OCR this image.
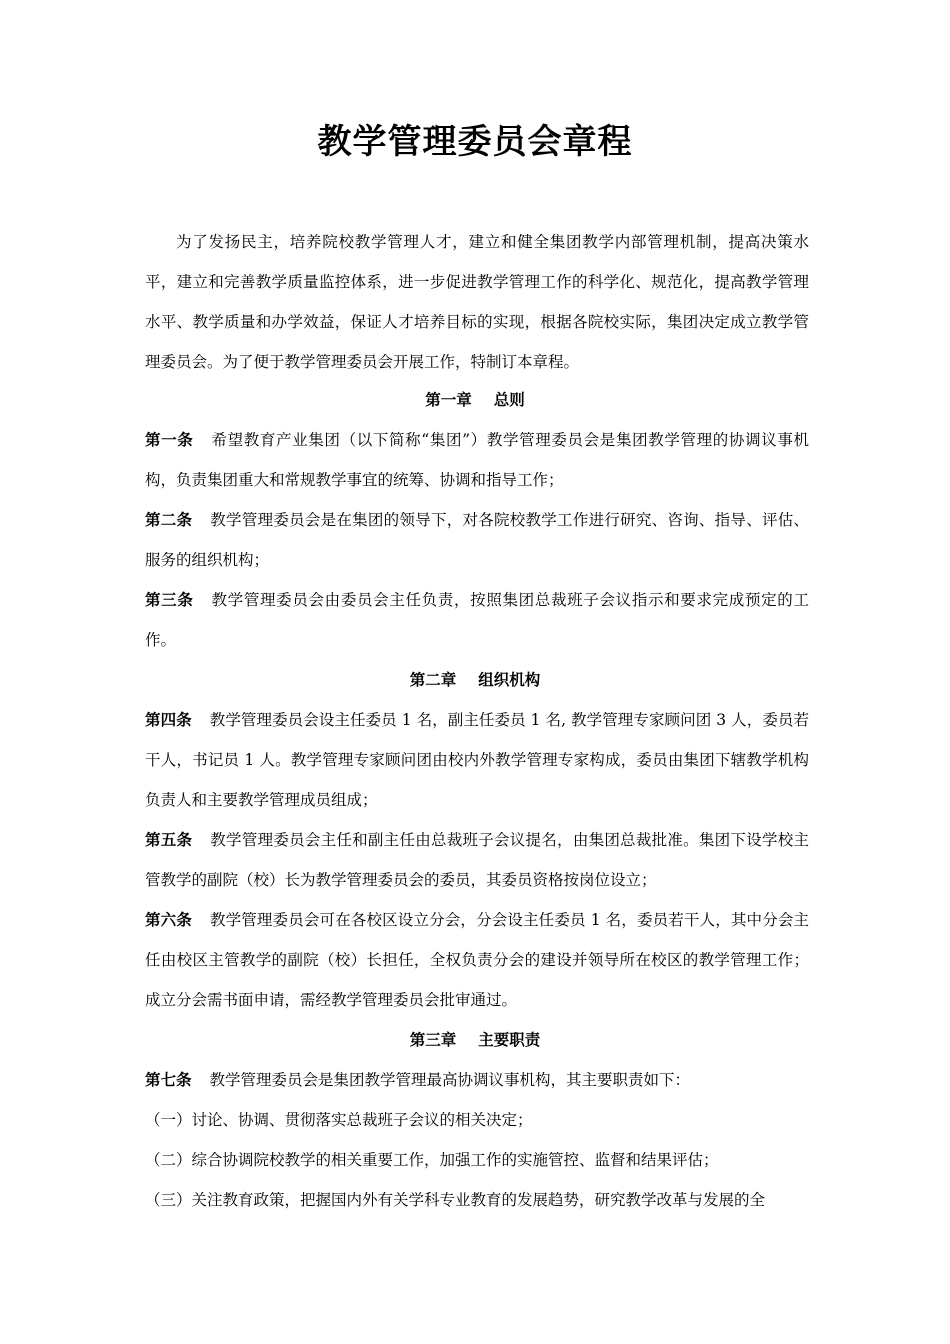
教学管理委员会章程
为了发扬民主，培养院校教学管理人才，建立和健全集团教学内部管理机制，提高决策水平，建立和完善教学质量监控体系，进一步促进教学管理工作的科学化、规范化，提高教学管理水平、教学质量和办学效益，保证人才培养目标的实现，根据各院校实际，集团决定成立教学管理委员会。为了便于教学管理委员会开展工作，特制订本章程。
第一章 总则
第一条 希望教育产业集团（以下简称“集团”）教学管理委员会是集团教学管理的协调议事机构，负责集团重大和常规教学事宜的统筹、协调和指导工作；
第二条 教学管理委员会是在集团的领导下，对各院校教学工作进行研究、咨询、指导、评估、服务的组织机构；
第三条 教学管理委员会由委员会主任负责，按照集团总裁班子会议指示和要求完成预定的工作。
第二章 组织机构
第四条 教学管理委员会设主任委员 1 名，副主任委员 1 名, 教学管理专家顾问团 3 人，委员若干人，书记员 1 人。教学管理专家顾问团由校内外教学管理专家构成，委员由集团下辖教学机构负责人和主要教学管理成员组成；
第五条 教学管理委员会主任和副主任由总裁班子会议提名，由集团总裁批准。集团下设学校主管教学的副院（校）长为教学管理委员会的委员，其委员资格按岗位设立；
第六条 教学管理委员会可在各校区设立分会，分会设主任委员 1 名，委员若干人，其中分会主任由校区主管教学的副院（校）长担任，全权负责分会的建设并领导所在校区的教学管理工作；成立分会需书面申请，需经教学管理委员会批审通过。
第三章 主要职责
第七条 教学管理委员会是集团教学管理最高协调议事机构，其主要职责如下：
（一）讨论、协调、贯彻落实总裁班子会议的相关决定；
（二）综合协调院校教学的相关重要工作，加强工作的实施管控、监督和结果评估；
（三）关注教育政策，把握国内外有关学科专业教育的发展趋势，研究教学改革与发展的全
